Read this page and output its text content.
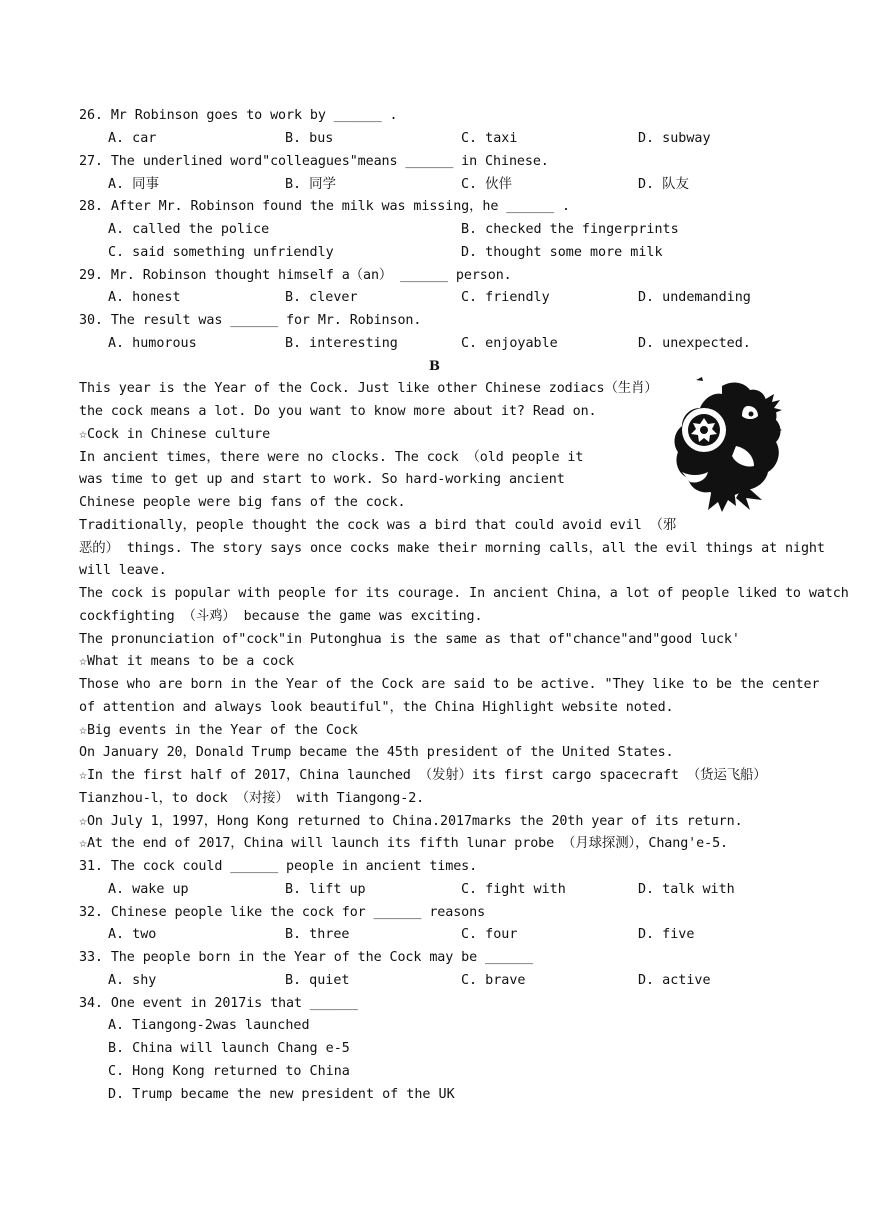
26. Mr Robinson goes to work by ______ .
A. car	B. bus	C. taxi	D. subway
27. The underlined word"colleagues"means ______ in Chinese.
A. 同事	B. 同学	C. 伙伴	D. 队友
28. After Mr. Robinson found the milk was missing，he ______ .
A. called the police	B. checked the fingerprints
C. said something unfriendly	D. thought some more milk
29. Mr. Robinson thought himself a（an） ______ person.
A. honest	B. clever	C. friendly	D. undemanding
30. The result was ______ for Mr. Robinson.
A. humorous	B. interesting	C. enjoyable	D. unexpected.
B
This year is the Year of the Cock. Just like other Chinese zodiacs（生肖）
the cock means a lot. Do you want to know more about it? Read on.
☆Cock in Chinese culture
In ancient times，there were no clocks. The cock （old people it
was time to get up and start to work. So hard-working ancient
Chinese people were big fans of the cock.
Traditionally，people thought the cock was a bird that could avoid evil （邪
恶的） things. The story says once cocks make their morning calls，all the evil things at night
will leave.
The cock is popular with people for its courage. In ancient China，a lot of people liked to watch
cockfighting （斗鸡） because the game was exciting.
The pronunciation of"cock"in Putonghua is the same as that of"chance"and"good luck'
☆What it means to be a cock
Those who are born in the Year of the Cock are said to be active. "They like to be the center
of attention and always look beautiful"，the China Highlight website noted.
☆Big events in the Year of the Cock
On January 20，Donald Trump became the 45th president of the United States.
☆In the first half of 2017，China launched （发射）its first cargo spacecraft （货运飞船）
Tianzhou-l，to dock （对接） with Tiangong-2.
☆On July 1，1997，Hong Kong returned to China.2017marks the 20th year of its return.
☆At the end of 2017，China will launch its fifth lunar probe （月球探测），Chang'e-5.
31. The cock could ______ people in ancient times.
A. wake up	B. lift up	C. fight with	D. talk with
32. Chinese people like the cock for ______ reasons
A. two	B. three	C. four	D. five
33. The people born in the Year of the Cock may be ______
A. shy	B. quiet	C. brave	D. active
34. One event in 2017is that ______
A. Tiangong-2was launched
B. China will launch Chang e-5
C. Hong Kong returned to China
D. Trump became the new president of the UK
